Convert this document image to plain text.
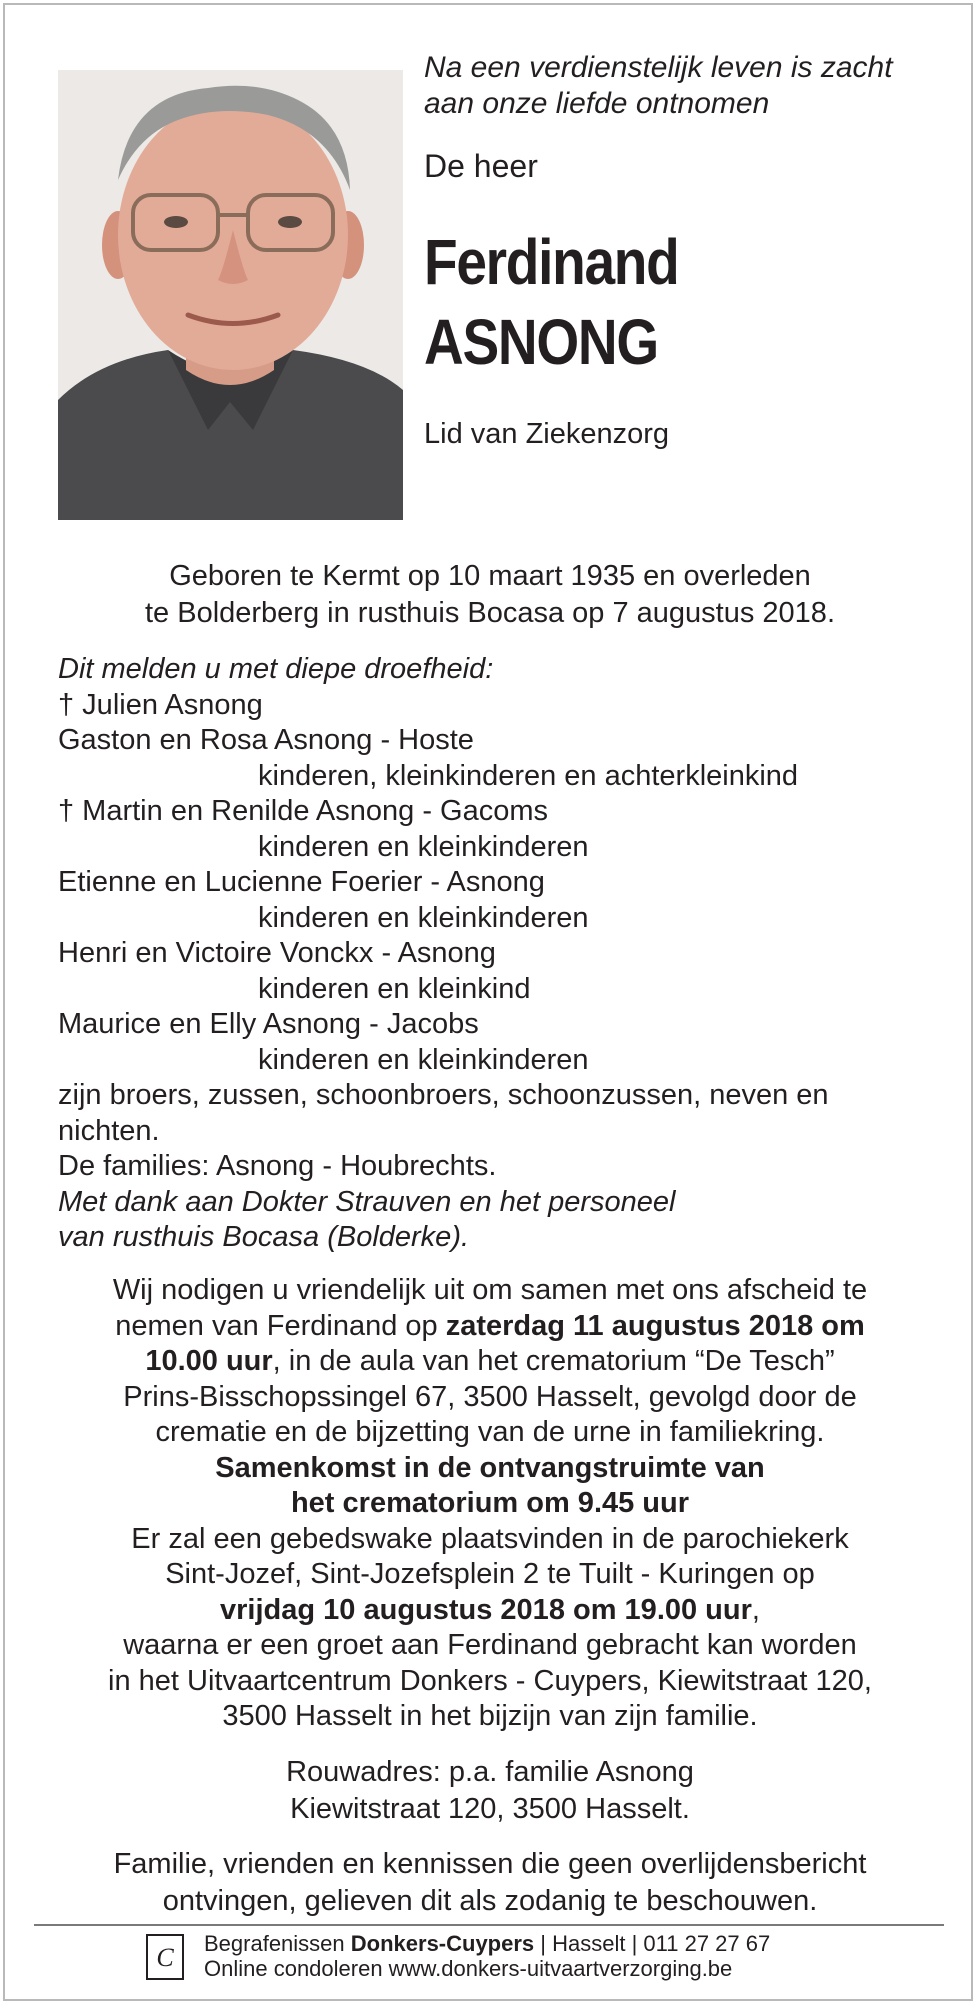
Na een verdienstelijk leven is zacht
aan onze liefde ontnomen
De heer
Ferdinand
ASNONG
Lid van Ziekenzorg
Geboren te Kermt op 10 maart 1935 en overleden
te Bolderberg in rusthuis Bocasa op 7 augustus 2018.
Dit melden u met diepe droefheid:
† Julien Asnong
Gaston en Rosa Asnong - Hoste
kinderen, kleinkinderen en achterkleinkind
† Martin en Renilde Asnong - Gacoms
kinderen en kleinkinderen
Etienne en Lucienne Foerier - Asnong
kinderen en kleinkinderen
Henri en Victoire Vonckx - Asnong
kinderen en kleinkind
Maurice en Elly Asnong - Jacobs
kinderen en kleinkinderen
zijn broers, zussen, schoonbroers, schoonzussen, neven en
nichten.
De families: Asnong - Houbrechts.
Met dank aan Dokter Strauven en het personeel
van rusthuis Bocasa (Bolderke).
Wij nodigen u vriendelijk uit om samen met ons afscheid te
nemen van Ferdinand op zaterdag 11 augustus 2018 om
10.00 uur, in de aula van het crematorium “De Tesch”
Prins-Bisschopssingel 67, 3500 Hasselt, gevolgd door de
crematie en de bijzetting van de urne in familiekring.
Samenkomst in de ontvangstruimte van
het crematorium om 9.45 uur
Er zal een gebedswake plaatsvinden in de parochiekerk
Sint-Jozef, Sint-Jozefsplein 2 te Tuilt - Kuringen op
vrijdag 10 augustus 2018 om 19.00 uur,
waarna er een groet aan Ferdinand gebracht kan worden
in het Uitvaartcentrum Donkers - Cuypers, Kiewitstraat 120,
3500 Hasselt in het bijzijn van zijn familie.
Rouwadres: p.a. familie Asnong
Kiewitstraat 120, 3500 Hasselt.
Familie, vrienden en kennissen die geen overlijdensbericht
ontvingen, gelieven dit als zodanig te beschouwen.
C Begrafenissen Donkers-Cuypers | Hasselt | 011 27 27 67
Online condoleren www.donkers-uitvaartverzorging.be
